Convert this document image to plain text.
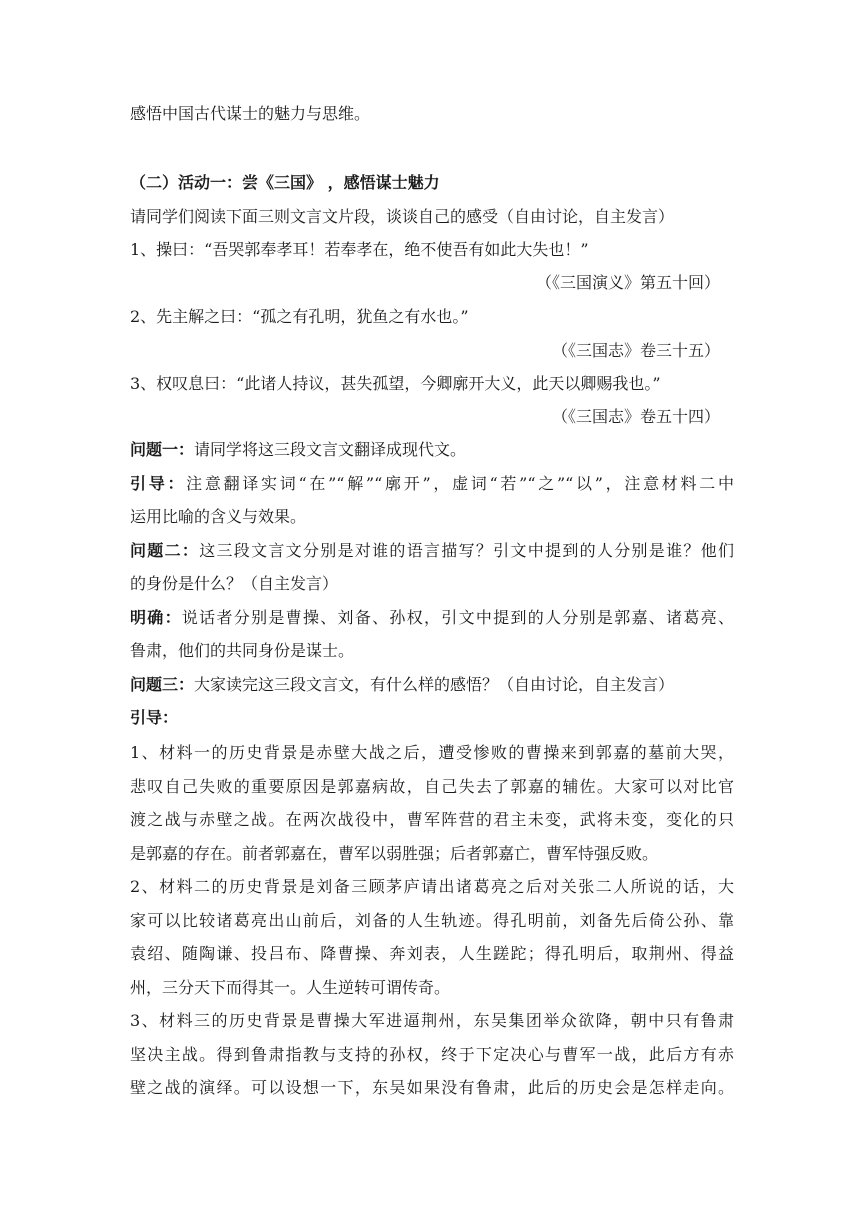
感悟中国古代谋士的魅力与思维。
（二）活动一：尝《三国》 ，感悟谋士魅力
请同学们阅读下面三则文言文片段，谈谈自己的感受（自由讨论，自主发言）
1、操曰：“吾哭郭奉孝耳！若奉孝在，绝不使吾有如此大失也！”
（《三国演义》第五十回）
2、先主解之曰：“孤之有孔明，犹鱼之有水也。”
（《三国志》卷三十五）
3、权叹息曰：“此诸人持议，甚失孤望，今卿廓开大义，此天以卿赐我也。”
（《三国志》卷五十四）
问题一：请同学将这三段文言文翻译成现代文。
引导：注意翻译实词“在”“解”“廓开”，虚词“若”“之”“以”，注意材料二中
运用比喻的含义与效果。
问题二：这三段文言文分别是对谁的语言描写？引文中提到的人分别是谁？他们
的身份是什么？（自主发言）
明确：说话者分别是曹操、刘备、孙权，引文中提到的人分别是郭嘉、诸葛亮、
鲁肃，他们的共同身份是谋士。
问题三：大家读完这三段文言文，有什么样的感悟？（自由讨论，自主发言）
引导：
1、材料一的历史背景是赤壁大战之后，遭受惨败的曹操来到郭嘉的墓前大哭，
悲叹自己失败的重要原因是郭嘉病故，自己失去了郭嘉的辅佐。大家可以对比官
渡之战与赤壁之战。在两次战役中，曹军阵营的君主未变，武将未变，变化的只
是郭嘉的存在。前者郭嘉在，曹军以弱胜强；后者郭嘉亡，曹军恃强反败。
2、材料二的历史背景是刘备三顾茅庐请出诸葛亮之后对关张二人所说的话，大
家可以比较诸葛亮出山前后，刘备的人生轨迹。得孔明前，刘备先后倚公孙、靠
袁绍、随陶谦、投吕布、降曹操、奔刘表，人生蹉跎；得孔明后，取荆州、得益
州，三分天下而得其一。人生逆转可谓传奇。
3、材料三的历史背景是曹操大军进逼荆州，东吴集团举众欲降，朝中只有鲁肃
坚决主战。得到鲁肃指教与支持的孙权，终于下定决心与曹军一战，此后方有赤
壁之战的演绎。可以设想一下，东吴如果没有鲁肃，此后的历史会是怎样走向。
